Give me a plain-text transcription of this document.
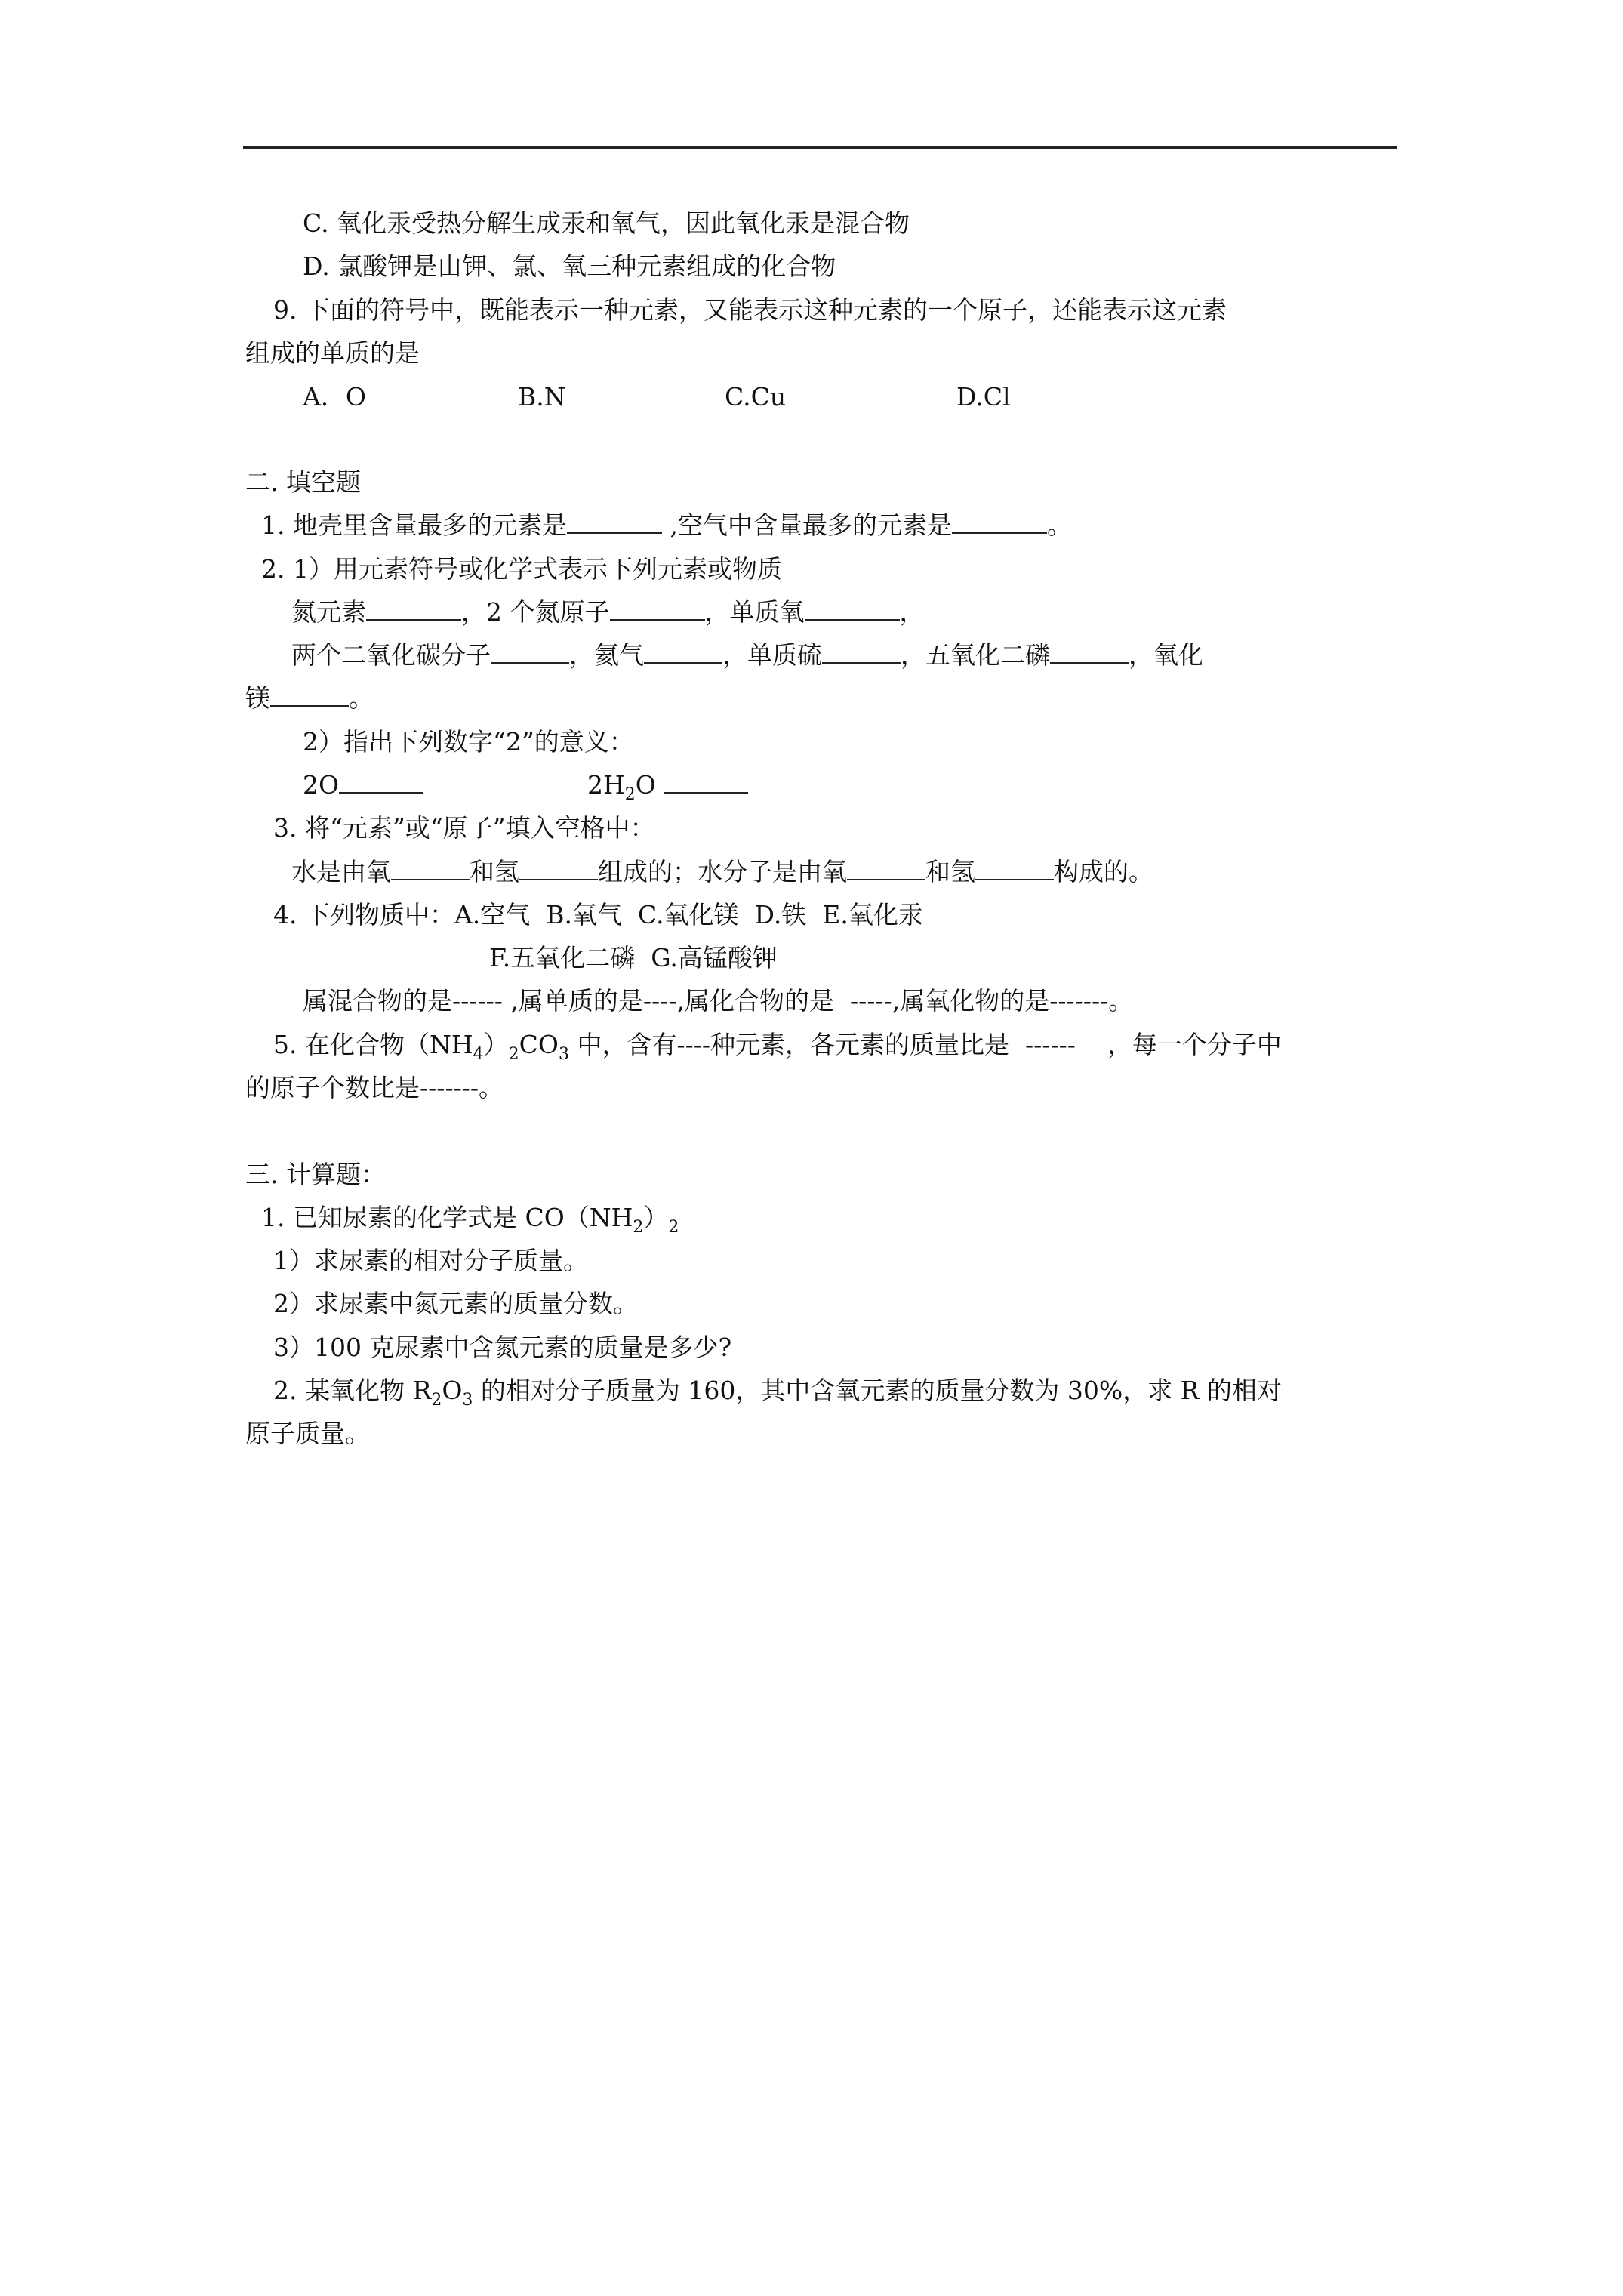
C. 氧化汞受热分解生成汞和氧气，因此氧化汞是混合物
D. 氯酸钾是由钾、氯、氧三种元素组成的化合物
9. 下面的符号中，既能表示一种元素，又能表示这种元素的一个原子，还能表示这元素
组成的单质的是
A．O	B.N	C.Cu	D.Cl
二. 填空题
1. 地壳里含量最多的元素是	,空气中含量最多的元素是	。
2. 1）用元素符号或化学式表示下列元素或物质
氮元素	，2 个氮原子	，单质氧	，
两个二氧化碳分子	，氦气	，单质硫	，五氧化二磷	，氧化
镁	。
2）指出下列数字“2”的意义：
2O	$2H_2O$
3. 将“元素”或“原子”填入空格中：
水是由氧	和氢	组成的；水分子是由氧	和氢	构成的。
4. 下列物质中：A.空气  B.氧气  C.氧化镁  D.铁  E.氧化汞
F.五氧化二磷  G.高锰酸钾
属混合物的是------ ,属单质的是----,属化合物的是  -----,属氧化物的是-------。
5. 在化合物$(NH_4)_2CO_3$ 中，含有----种元素，各元素的质量比是  ------    ，每一个分子中
的原子个数比是-------。
三. 计算题：
1. 已知尿素的化学式是 $CO(NH_2)_2$
1）求尿素的相对分子质量。
2）求尿素中氮元素的质量分数。
3）100 克尿素中含氮元素的质量是多少?
2. 某氧化物 $R_2O_3$ 的相对分子质量为 160，其中含氧元素的质量分数为 30%，求 R 的相对
原子质量。
